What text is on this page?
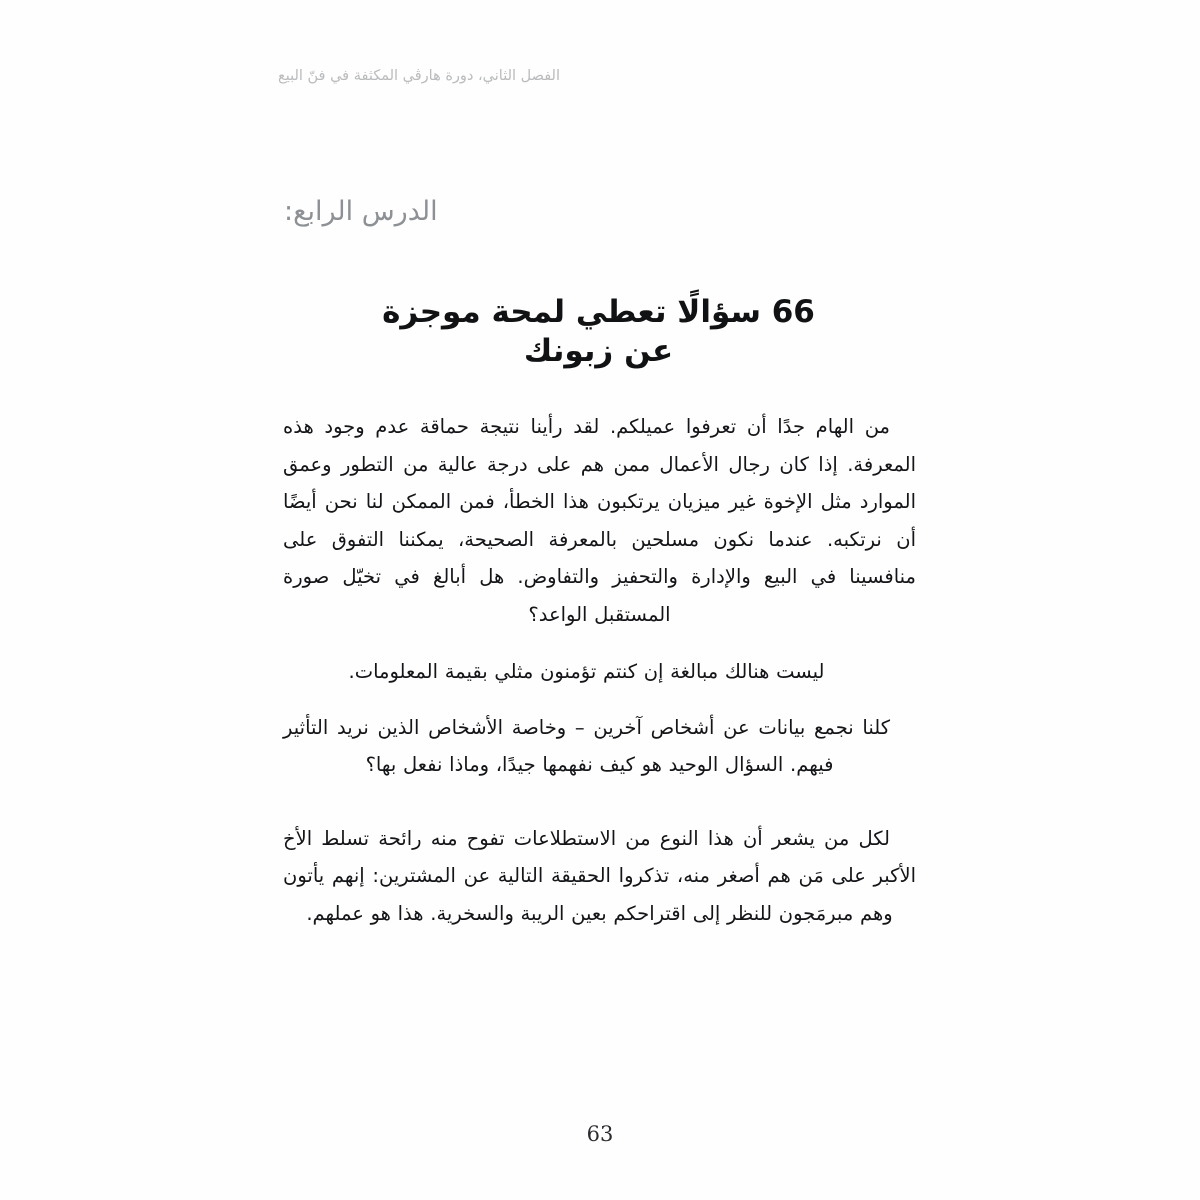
الفصل الثاني، دورة هارڤي المكثفة في فنّ البيع
الدرس الرابع:
66 سؤالًا تعطي لمحة موجزة عن زبونك

من الهام جدًا أن تعرفوا عميلكم. لقد رأينا نتيجة حماقة عدم وجود هذه المعرفة. إذا كان رجال الأعمال ممن هم على درجة عالية من التطور وعمق الموارد مثل الإخوة غير ميزيان يرتكبون هذا الخطأ، فمن الممكن لنا نحن أيضًا أن نرتكبه. عندما نكون مسلحين بالمعرفة الصحيحة، يمكننا التفوق على منافسينا في البيع والإدارة والتحفيز والتفاوض. هل أبالغ في تخيّل صورة المستقبل الواعد؟

ليست هنالك مبالغة إن كنتم تؤمنون مثلي بقيمة المعلومات.

كلنا نجمع بيانات عن أشخاص آخرين – وخاصة الأشخاص الذين نريد التأثير فيهم. السؤال الوحيد هو كيف نفهمها جيدًا، وماذا نفعل بها؟

لكل من يشعر أن هذا النوع من الاستطلاعات تفوح منه رائحة تسلط الأخ الأكبر على مَن هم أصغر منه، تذكروا الحقيقة التالية عن المشترين: إنهم يأتون وهم مبرمَجون للنظر إلى اقتراحكم بعين الريبة والسخرية. هذا هو عملهم.

63
